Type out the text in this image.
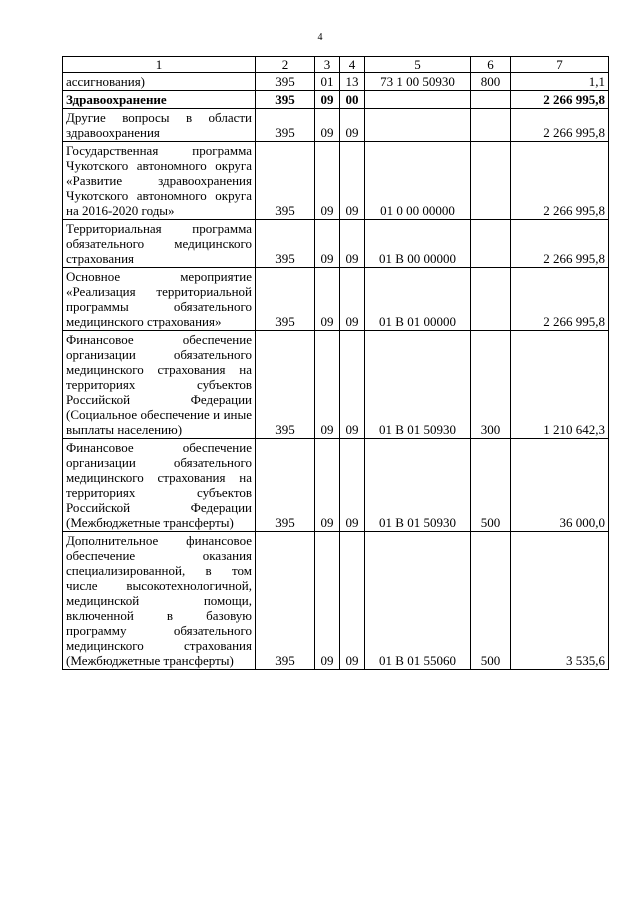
4
1	2	3	4	5	6	7
ассигнования)	395	01	13	73 1 00 50930	800	1,1
Здравоохранение	395	09	00			2 266 995,8
Другие вопросы в области здравоохранения	395	09	09			2 266 995,8
Государственная программа Чукотского автономного округа «Развитие здравоохранения Чукотского автономного округа на 2016-2020 годы»	395	09	09	01 0 00 00000		2 266 995,8
Территориальная программа обязательного медицинского страхования	395	09	09	01 В 00 00000		2 266 995,8
Основное мероприятие «Реализация территориальной программы обязательного медицинского страхования»	395	09	09	01 В 01 00000		2 266 995,8
Финансовое обеспечение организации обязательного медицинского страхования на территориях субъектов Российской Федерации (Социальное обеспечение и иные выплаты населению)	395	09	09	01 В 01 50930	300	1 210 642,3
Финансовое обеспечение организации обязательного медицинского страхования на территориях субъектов Российской Федерации (Межбюджетные трансферты)	395	09	09	01 В 01 50930	500	36 000,0
Дополнительное финансовое обеспечение оказания специализированной, в том числе высокотехнологичной, медицинской помощи, включенной в базовую программу обязательного медицинского страхования (Межбюджетные трансферты)	395	09	09	01 В 01 55060	500	3 535,6
